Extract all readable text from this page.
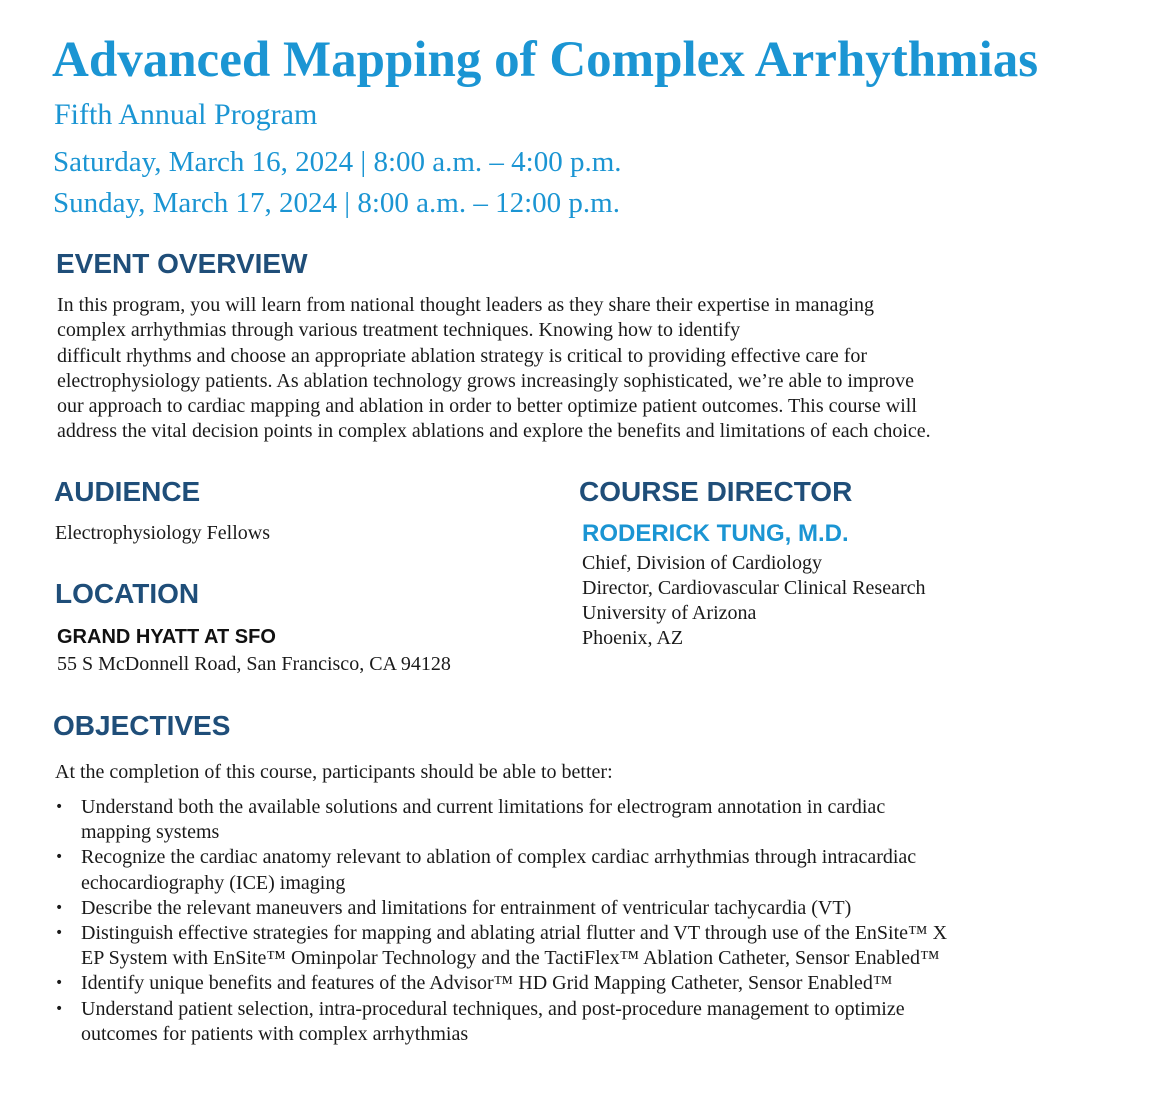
Advanced Mapping of Complex Arrhythmias
Fifth Annual Program
Saturday, March 16, 2024 | 8:00 a.m. – 4:00 p.m.
Sunday, March 17, 2024 | 8:00 a.m. – 12:00 p.m.
EVENT OVERVIEW
In this program, you will learn from national thought leaders as they share their expertise in managing
complex arrhythmias through various treatment techniques. Knowing how to identify
difficult rhythms and choose an appropriate ablation strategy is critical to providing effective care for
electrophysiology patients. As ablation technology grows increasingly sophisticated, we’re able to improve
our approach to cardiac mapping and ablation in order to better optimize patient outcomes. This course will
address the vital decision points in complex ablations and explore the benefits and limitations of each choice.
AUDIENCE
Electrophysiology Fellows
LOCATION
GRAND HYATT AT SFO
55 S McDonnell Road, San Francisco, CA 94128
COURSE DIRECTOR
RODERICK TUNG, M.D.
Chief, Division of Cardiology
Director, Cardiovascular Clinical Research
University of Arizona
Phoenix, AZ
OBJECTIVES
At the completion of this course, participants should be able to better:
• Understand both the available solutions and current limitations for electrogram annotation in cardiac
mapping systems
• Recognize the cardiac anatomy relevant to ablation of complex cardiac arrhythmias through intracardiac
echocardiography (ICE) imaging
• Describe the relevant maneuvers and limitations for entrainment of ventricular tachycardia (VT)
• Distinguish effective strategies for mapping and ablating atrial flutter and VT through use of the EnSite™ X
EP System with EnSite™ Ominpolar Technology and the TactiFlex™ Ablation Catheter, Sensor Enabled™
• Identify unique benefits and features of the Advisor™ HD Grid Mapping Catheter, Sensor Enabled™
• Understand patient selection, intra-procedural techniques, and post-procedure management to optimize
outcomes for patients with complex arrhythmias
